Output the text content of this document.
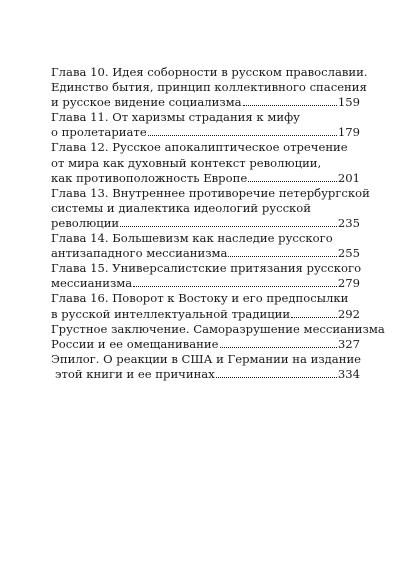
Глава 10. Идея соборности в русском православии.
Единство бытия, принцип коллективного спасения
и русское видение социализма	159
Глава 11. От харизмы страдания к мифу
о пролетариате	179
Глава 12. Русское апокалиптическое отречение
от мира как духовный контекст революции,
как противоположность Европе	201
Глава 13. Внутреннее противоречие петербургской
системы и диалектика идеологий русской
революции	235
Глава 14. Большевизм как наследие русского
антизападного мессианизма	255
Глава 15. Универсалистские притязания русского
мессианизма	279
Глава 16. Поворот к Востоку и его предпосылки
в русской интеллектуальной традиции	292
Грустное заключение. Саморазрушение мессианизма
России и ее омещанивание	327
Эпилог. О реакции в США и Германии на издание
этой книги и ее причинах	334
